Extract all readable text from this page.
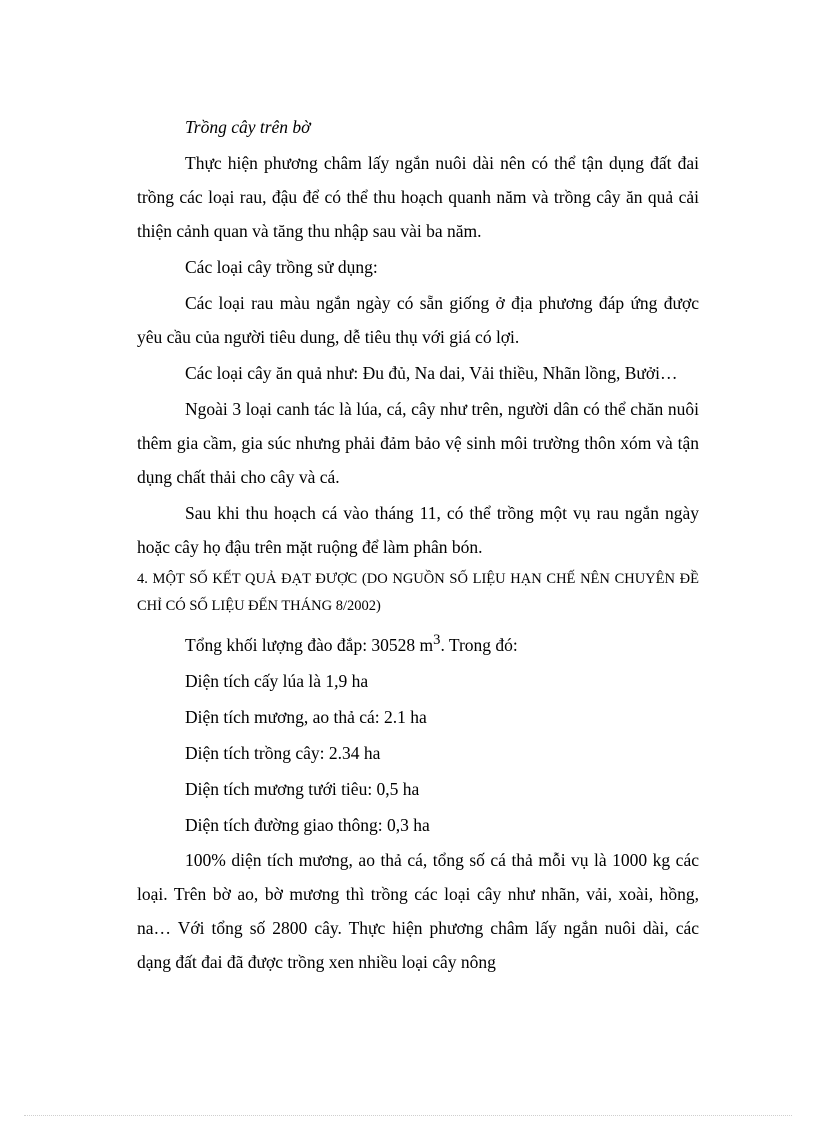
Trồng cây trên bờ

Thực hiện phương châm lấy ngắn nuôi dài nên có thể tận dụng đất đai trồng các loại rau, đậu để có thể thu hoạch quanh năm và trồng cây ăn quả cải thiện cảnh quan và tăng thu nhập sau vài ba năm.

Các loại cây trồng sử dụng:

Các loại rau màu ngắn ngày có sẵn giống ở địa phương đáp ứng được yêu cầu của người tiêu dung, dễ tiêu thụ với giá có lợi.

Các loại cây ăn quả như: Đu đủ, Na dai, Vải thiều, Nhãn lồng, Bưởi…

Ngoài 3 loại canh tác là lúa, cá, cây như trên, người dân có thể chăn nuôi thêm gia cầm, gia súc nhưng phải đảm bảo vệ sinh môi trường thôn xóm và tận dụng chất thải cho cây và cá.

Sau khi thu hoạch cá vào tháng 11, có thể trồng một vụ rau ngắn ngày hoặc cây họ đậu trên mặt ruộng để làm phân bón.

4. MỘT SỐ KẾT QUẢ ĐẠT ĐƯỢC (DO NGUỒN SỐ LIỆU HẠN CHẾ NÊN CHUYÊN ĐỀ CHỈ CÓ SỐ LIỆU ĐẾN THÁNG 8/2002)

Tổng khối lượng đào đắp: 30528 $m^3$. Trong đó:

Diện tích cấy lúa là 1,9 ha

Diện tích mương, ao thả cá: 2.1 ha

Diện tích trồng cây: 2.34 ha

Diện tích mương tưới tiêu: 0,5 ha

Diện tích đường giao thông: 0,3 ha

100% diện tích mương, ao thả cá, tổng số cá thả mỗi vụ là 1000 kg các loại. Trên bờ ao, bờ mương thì trồng các loại cây như nhãn, vải, xoài, hồng, na… Với tổng số 2800 cây. Thực hiện phương châm lấy ngắn nuôi dài, các dạng đất đai đã được trồng xen nhiều loại cây nông
